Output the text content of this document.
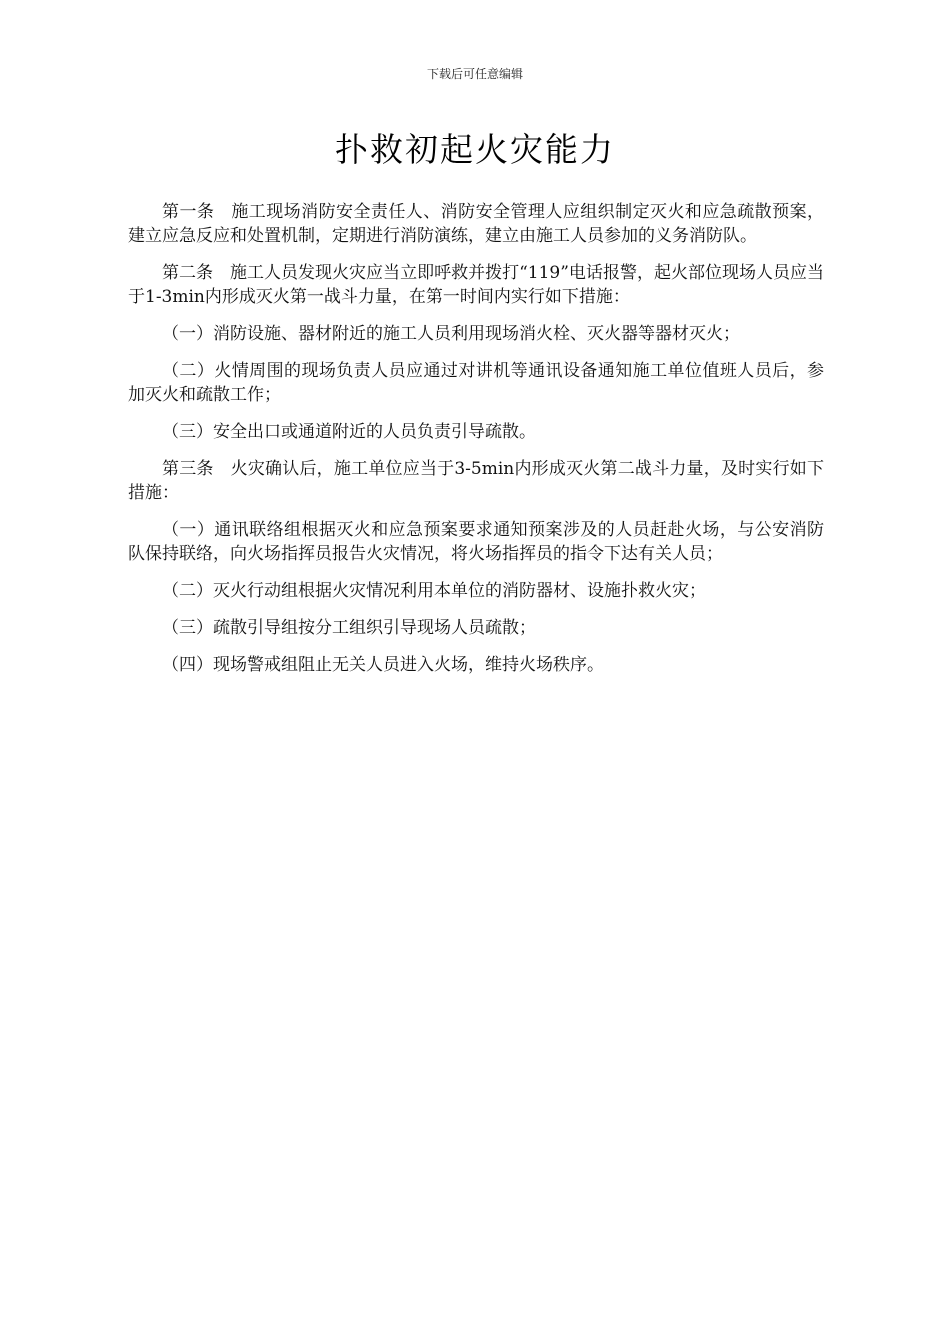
下载后可任意编辑
扑救初起火灾能力

第一条 施工现场消防安全责任人、消防安全管理人应组织制定灭火和应急疏散预案，建立应急反应和处置机制，定期进行消防演练，建立由施工人员参加的义务消防队。

第二条 施工人员发现火灾应当立即呼救并拨打“119”电话报警，起火部位现场人员应当于1-3min内形成灭火第一战斗力量，在第一时间内实行如下措施：

（一）消防设施、器材附近的施工人员利用现场消火栓、灭火器等器材灭火；

（二）火情周围的现场负责人员应通过对讲机等通讯设备通知施工单位值班人员后，参加灭火和疏散工作；

（三）安全出口或通道附近的人员负责引导疏散。

第三条 火灾确认后，施工单位应当于3-5min内形成灭火第二战斗力量，及时实行如下措施：

（一）通讯联络组根据灭火和应急预案要求通知预案涉及的人员赶赴火场，与公安消防队保持联络，向火场指挥员报告火灾情况，将火场指挥员的指令下达有关人员；

（二）灭火行动组根据火灾情况利用本单位的消防器材、设施扑救火灾；

（三）疏散引导组按分工组织引导现场人员疏散；

（四）现场警戒组阻止无关人员进入火场，维持火场秩序。
